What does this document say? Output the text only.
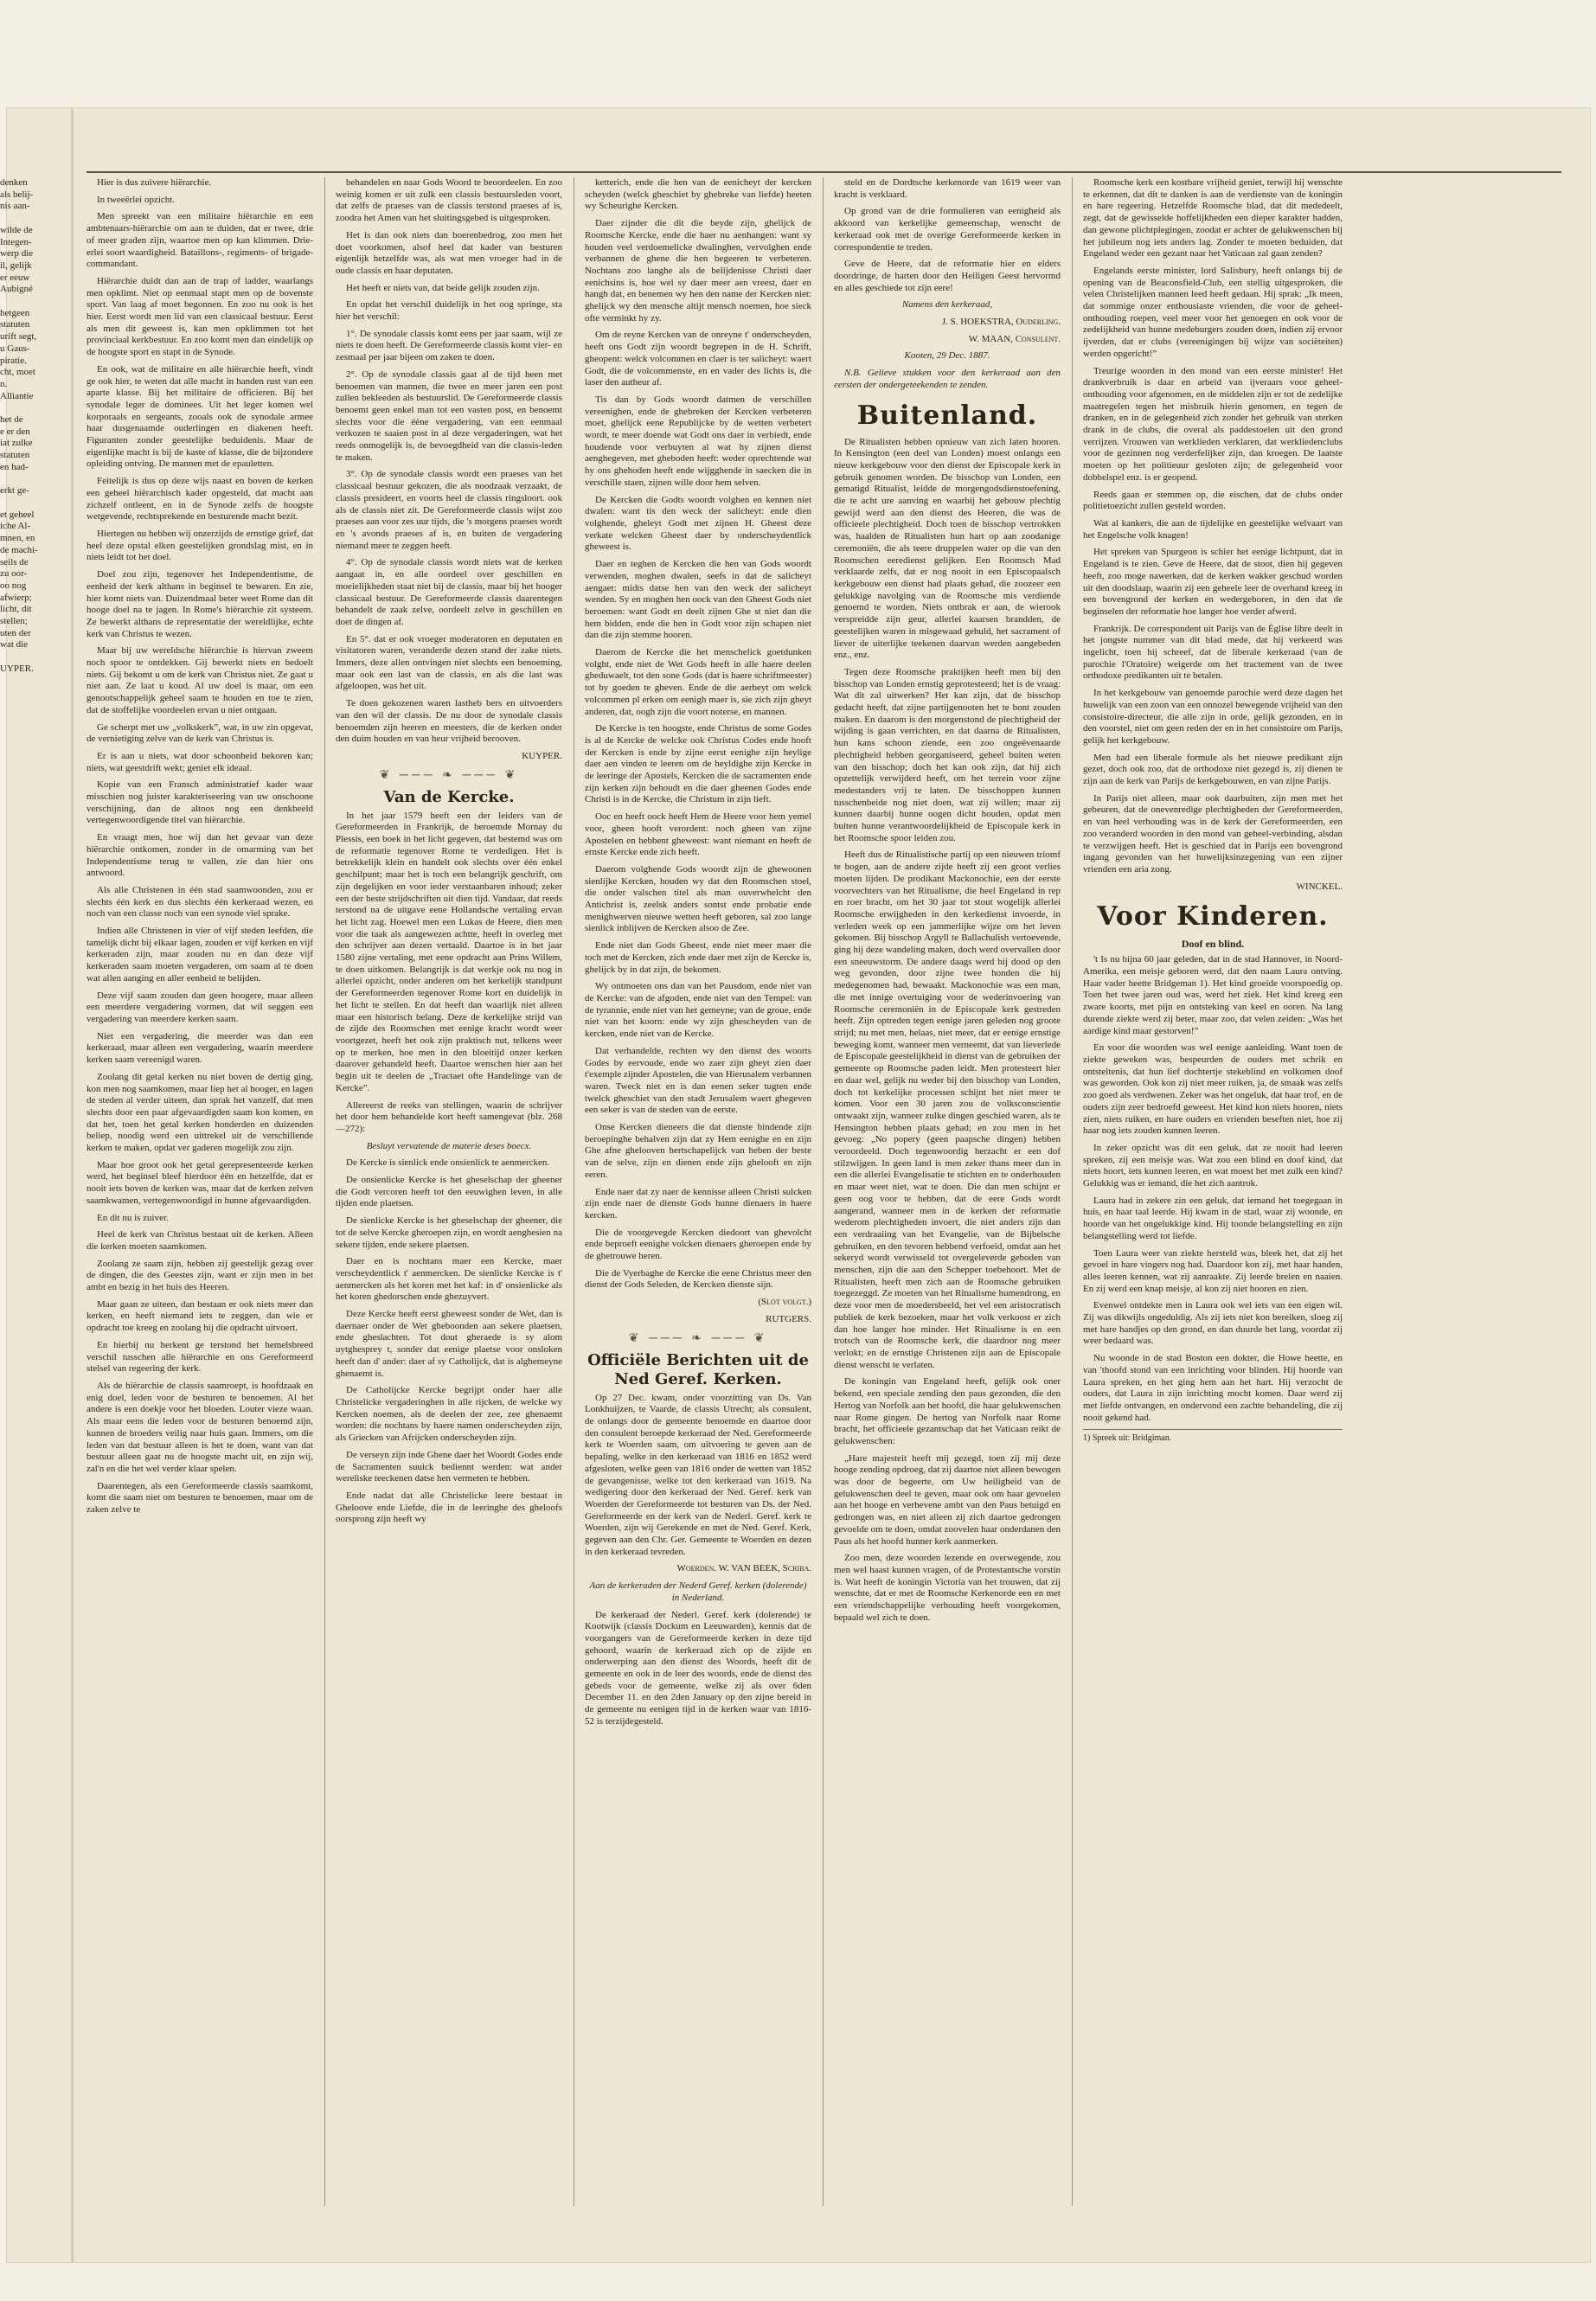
denken
als belij-
nis aan-

wilde de
Integen-
werp die
il, gelijk
er eeuw
Aubigné

hetgeen
statuten
urift segt,
u Gaus-
piratie.
cht, moet
n.
Alliantie

het de
e er den
iat zulke
statuten
en had-

erkt ge-

et geheel
iche Al-
mnen, en
de machi-
seils de
zu oor-
oo nog
afwierp;
licht, dit
stellen;
uten der
wat die

UYPER.

Hier is dus zuivere hiërarchie.

In tweeërlei opzicht.

Men spreekt van een militaire hiërarchie en een ambtenaars-hiërarchie om aan te duiden, dat er twee, drie of meer graden zijn, waartoe men op kan klimmen. Drie-erlei soort waardigheid. Bataillons-, regiments- of brigade-commandant.

Hiërarchie duidt dan aan de trap of ladder, waarlangs men opklimt. Niet op eenmaal stapt men op de bovenste sport. Van laag af moet begonnen. En zoo nu ook is het hier. Eerst wordt men lid van een classicaal bestuur. Eerst als men dit geweest is, kan men opklimmen tot het provinciaal kerkbestuur. En zoo komt men dan eindelijk op de hoogste sport en stapt in de Synode.

En ook, wat de militaire en alle hiërarchie heeft, vindt ge ook hier, te weten dat alle macht in handen rust van een aparte klasse. Bij het militaire de officieren. Bij het synodale leger de dominees. Uit het leger komen wel korporaals en sergeants, zooals ook de synodale armee haar dusgenaamde ouderlingen en diakenen heeft. Figuranten zonder geestelijke beduidenis. Maar de eigenlijke macht is bij de kaste of klasse, die de bijzondere opleiding ontving. De mannen met de epauletten.

Feitelijk is dus op deze wijs naast en boven de kerken een geheel hiërarchisch kader opgesteld, dat macht aan zichzelf ontleent, en in de Synode zelfs de hoogste wetgevende, rechtsprekende en besturende macht bezit.

Hiertegen nu hebben wij onzerzijds de ernstige grief, dat heel deze opstal elken geestelijken grondslag mist, en in niets leidt tot het doel.

Doel zou zijn, tegenover het Independentisme, de eenheid der kerk althans in beginsel te bewaren. En zie, hier komt niets van. Duizendmaal beter weet Rome dan dit hooge doel na te jagen. In Rome's hiërarchie zit systeem. Ze bewerkt althans de representatie der wereldlijke, echte kerk van Christus te wezen.

Maar bij uw wereldsche hiërarchie is hiervan zweem noch spoor te ontdekken. Gij bewerkt niets en bedoelt niets. Gij bekomt u om de kerk van Christus niet. Ze gaat u niet aan. Ze laat u koud. Al uw doel is maar, om een genootschappelijk geheel saam te houden en toe te zien, dat de stoffelijke voordeelen ervan u niet ontgaan.

Ge scherpt met uw „volkskerk”, wat, in uw zin opgevat, de vernietiging zelve van de kerk van Christus is.

Er is aan u niets, wat door schoonheid bekoren kan; niets, wat geestdrift wekt; geniet elk ideaal.

Kopie van een Fransch administratief kader waar misschien nog juister karakteriseering van uw onschoone verschijning, dan de altoos nog een denkbeeld vertegenwoordigende titel van hiërarchie.

En vraagt men, hoe wij dan het gevaar van deze hiërarchie ontkomen, zonder in de omarming van het Independentisme terug te vallen, zie dan hier ons antwoord.

Als alle Christenen in één stad saamwoonden, zou er slechts één kerk en dus slechts één kerkeraad wezen, en noch van een classe noch van een synode viel sprake.

Indien alle Christenen in vier of vijf steden leefden, die tamelijk dicht bij elkaar lagen, zouden er vijf kerken en vijf kerkeraden zijn, maar zouden nu en dan deze vijf kerkeraden saam moeten vergaderen, om saam al te doen wat allen aanging en aller eenheid te belijden.

Deze vijf saam zouden dan geen hoogere, maar alleen een meerdere vergadering vormen, dat wil seggen een vergadering van meerdere kerken saam.

Niet een vergadering, die meerder was dan een kerkeraad, maar alleen een vergadering, waarin meerdere kerken saam vereenigd waren.

Zoolang dit getal kerken nu niet boven de dertig ging, kon men nog saamkomen, maar liep het al hooger, en lagen de steden al verder uiteen, dan sprak het vanzelf, dat men slechts door een paar afgevaardigden saam kon komen, en dat het, toen het getal kerken honderden en duizenden beliep, noodig werd een uittrekel uit de verschillende kerken te maken, opdat ver gaderen mogelijk zou zijn.

Maar hoe groot ook het getal gerepresenteerde kerken werd, het beginsel bleef hierdoor één en hetzelfde, dat er nooit iets boven de kerken was, maar dat de kerken zelven saamkwamen, vertegenwoordigd in hunne afgevaardigden.

En dit nu is zuiver.

Heel de kerk van Christus bestaat uit de kerken. Alleen die kerken moeten saamkomen.

Zoolang ze saam zijn, hebben zij geestelijk gezag over de dingen, die des Geestes zijn, want er zijn men in het ambt en bezig in het huis des Heeren.

Maar gaan ze uiteen, dan bestaan er ook niets meer dan kerken, en heeft niemand iets te zeggen, dan wie er opdracht toe kreeg en zoolang hij die opdracht uitvoert.

En hierbij nu herkent ge terstond het hemelsbreed verschil tusschen alle hiërarchie en ons Gereformeerd stelsel van regeering der kerk.

Als de hiërarchie de classis saamroept, is hoofdzaak en enig doel, leden voor de besturen te benoemen. Al het andere is een doekje voor het bloeden. Louter vieze waan. Als maar eens die leden voor de besturen benoemd zijn, kunnen de broeders veilig naar huis gaan. Immers, om die leden van dat bestuur alleen is het te doen, want van dat bestuur alleen gaat nu de hoogste macht uit, en zijn wij, zal'n en die het wel verder klaar spelen.

Daarentegen, als een Gereformeerde classis saamkomt, komt die saam niet om besturen te benoemen, maar om de zaken zelve te

behandelen en naar Gods Woord te beoordeelen. En zoo weinig komen er uit zulk een classis bestuursleden voort, dat zelfs de praeses van de classis terstond praeses af is, zoodra het Amen van het sluitingsgebed is uitgesproken.

Het is dan ook niets dan boerenbedrog, zoo men het doet voorkomen, alsof heel dat kader van besturen eigenlijk hetzelfde was, als wat men vroeger had in de oude classis en haar deputaten.

Het heeft er niets van, dat beide gelijk zouden zijn.

En opdat het verschil duidelijk in het oog springe, sta hier het verschil:

1°. De synodale classis komt eens per jaar saam, wijl ze niets te doen heeft. De Gereformeerde classis komt vier- en zesmaal per jaar bijeen om zaken te doen.

2°. Op de synodale classis gaat al de tijd heen met benoemen van mannen, die twee en meer jaren een post zullen bekleeden als bestuurslid. De Gereformeerde classis benoemt geen enkel man tot een vasten post, en benoemt slechts voor die ééne vergadering, van een eenmaal verkozen te saaien post in al deze vergaderingen, wat het reeds onmogelijk is, de bevoegdheid van die classis-leden te maken.

3°. Op de synodale classis wordt een praeses van het classicaal bestuur gekozen, die als noodzaak verzaakt, de classis presideert, en voorts heel de classis ringsloort. ook als de classis niet zit. De Gereformeerde classis wijst zoo praeses aan voor zes uur tijds, die 's morgens praeses wordt en 's avonds praeses af is, en buiten de vergadering niemand meer te zeggen heeft.

4°. Op de synodale classis wordt niets wat de kerken aangaat in, en alle oordeel over geschillen en moeielijkheden staat niet bij de classis, maar bij het hooger classicaal bestuur. De Gereformeerde classis daarentegen behandelt de zaak zelve, oordeelt zelve in geschillen en doet de dingen af.

En 5°. dat er ook vroeger moderatoren en deputaten en visitatoren waren, veranderde dezen stand der zake niets. Immers, deze allen ontvingen niet slechts een benoeming, maar ook een last van de classis, en als die last was afgeloopen, was het uit.

Te doen gekozenen waren lastheb bers en uitvoerders van den wil der classis. De nu door de synodale classis benoemden zijn heeren en meesters, die de kerken onder den duim houden en van heur vrijheid berooven.

KUYPER.

❦ ─── ❧ ─── ❦
Van de Kercke.

In het jaar 1579 heeft een der leiders van de Gereformeerden in Frankrijk, de beroemde Mornay du Plessis, een boek in het licht gegeven, dat bestemd was om de reformatie tegenover Rome te verdedigen. Het is betrekkelijk klein en handelt ook slechts over één enkel geschilpunt; maar het is toch een belangrijk geschrift, om zijn degelijken en voor ieder verstaanbaren inhoud; zeker een der beste strijdschriften uit dien tijd. Vandaar, dat reeds terstond na de uitgave eene Hollandsche vertaling ervan het licht zag. Hoewel men een Lukas de Heere, dien men voor die taak als aangewezen achtte, heeft in overleg met den schrijver aan dezen vertaald. Daartoe is in het jaar 1580 zijne vertaling, met eene opdracht aan Prins Willem, te doen uitkomen. Belangrijk is dat werkje ook nu nog in allerlei opzicht, onder anderen om het kerkelijk standpunt der Gereformeerden tegenover Rome kort en duidelijk in het licht te stellen. En dat heeft dan waarlijk niet alleen maar een historisch belang. Deze de kerkelijke strijd van de zijde des Roomschen met eenige kracht wordt weer voortgezet, heeft het ook zijn praktisch nut, telkens weer op te merken, hoe men in den bloeitijd onzer kerken daarover gehandeld heeft. Daartoe wenschen hier aan het begin uit te deelen de „Tractaet ofte Handelinge van de Kercke”.

Allereerst de reeks van stellingen, waarin de schrijver het door hem behandelde kort heeft samengevat (blz. 268—272):

Besluyt vervatende de materie deses boecx.

De Kercke is sienlick ende onsienlick te aenmercken.

De onsienlicke Kercke is het gheselschap der gheener die Godt vercoren heeft tot den eeuwighen leven, in alle tijden ende plaetsen.

De sienlicke Kercke is het gheselschap der gheener, die tot de selve Kercke gheroepen zijn, en wordt aenghesien na sekere tijden, ende sekere plaetsen.

Daer en is nochtans maer een Kercke, maer verscheydentlick t' aenmercken. De sienlicke Kercke is t' aenmercken als het koren met het kaf: in d' onsienlicke als het koren ghedorschen ende ghezuyvert.

Deze Kercke heeft eerst gheweest sonder de Wet, dan is daernaer onder de Wet gheboonden aan sekere plaetsen, ende gheslachten. Tot dout gheraede is sy alom uytghesprey t, sonder dat eenige plaetse voor onsloken heeft dan d' ander: daer af sy Catholijck, dat is alghemeyne ghenaemt is.

De Catholijcke Kercke begrijpt onder haer alle Christelicke vergaderinghen in alle rijcken, de welcke wy Kercken noemen, als de deelen der zee, zee ghenaemt worden: die nochtans by haere namen onderscheyden zijn, als Griecken van Afrijcken onderscheyden zijn.

De verseyn zijn inde Ghene daer het Woordt Godes ende de Sacramenten suuick bediennt werden: wat ander wereliske teeckenen datse hen vermeten te hebben.

Ende nadat dat alle Christelicke leere bestaat in Gheloove ende Liefde, die in de leeringhe des gheloofs oorsprong zijn heeft wy

ketterich, ende die hen van de eenicheyt der kercken scheyden (welck gheschiet by ghebreke van liefde) heeten wy Scheurighe Kercken.

Daer zijnder die dit die beyde zijn, ghelijck de Roomsche Kercke, ende die haer nu aenhangen: want sy houden veel verdoemelicke dwalinghen, vervolghen ende verbannen de ghene die hen begeeren te verbeteren. Nochtans zoo langhe als de belijdenisse Christi daer eenichsins is, hoe wel sy daer meer aen vreest, daer en hangh dat, en benemen wy hen den name der Kercken niet: ghelijck wy den mensche altijt mensch noemen, hoe sieck ofte verminkt hy zy.

Om de reyne Kercken van de onreyne t' onderscheyden, heeft ons Godt zijn woordt begrepen in de H. Schrift, gheopent: welck volcommen en claer is ter salicheyt: waert Godt, die de volcommenste, en en vader des lichts is, die laser den autheur af.

Tis dan by Gods woordt datmen de verschillen vereenighen, ende de ghebreken der Kercken verbeteren moet, ghelijck eene Republijcke by de wetten verbetert wordt, te meer doende wat Godt ons daer in verbiedt, ende houdende voor verbuyten al wat hy zijnen dienst aenghegeven, met gheboden heeft: weder oprechtende wat hy ons ghehoden heeft ende wijgghende in saecken die in verschille staen, zijnen wille door hem selven.

De Kercken die Godts woordt volghen en kennen niet dwalen: want tis den weck der salicheyt: ende dien volghende, gheleyt Godt met zijnen H. Gheest deze verkate welcken Gheest daer by onderscheydentlick gheweest is.

Daer en teghen de Kercken die hen van Gods woordt verwenden, moghen dwalen, seefs in dat de salicheyt aengaet: midts datse hen van den weck der salicheyt wenden. Sy en moghen hen oock van den Gheest Gods niet beroemen: want Godt en deelt zijnen Ghe st niet dan die hem bidden, ende die hen in Godt voor zijn schapen niet dan die zijn stemme hooren.

Daerom de Kercke die het menschelick goetdunken volght, ende niet de Wet Gods heeft in alle haere deelen gheduwaelt, tot den sone Gods (dat is haere schriftmeester) tot by goeden te gheven. Ende de die aerbeyt om welck volcommen pl erken om eenigh maer is, sie zich zijn gheyt anderen, dat, oogh zijn die voort noterse, en mannen.

De Kercke is ten hoogste, ende Christus de some Godes is al de Kercke de welcke ook Christus Codes ende hooft der Kercken is ende by zijne eerst eenighe zijn heylige daer aen vinden te leeren om de heyldighe zijn Kercke in de leeringe der Apostels, Kercken die de sacramenten ende zijn kerken zijn behoudt en die daer gheenen Godes ende Christi is in de Kercke, die Christum in zijn lieft.

Ooc en heeft oock heeft Hem de Heere voor hem yemel voor, gheen hooft verordent: noch gheen van zijne Apostelen en hebbent gheweest: want niemant en heeft de ernste Kercke ende zich heeft.

Daerom volghende Gods woordt zijn de ghewoonen sienlijke Kercken, houden wy dat den Roomschen stoel, die onder valschen titel als man ouverwhelcht den Antichrist is, zeelsk anders sontst ende probatie ende menighwerven nieuwe wetten heeft geboren, sal zoo lange sienlick inblijven de Kercken alsoo de Zee.

Ende niet dan Gods Gheest, ende niet meer maer die toch met de Kercken, zich ende daer met zijn de Kercke is, ghelijck by in dat zijn, de bekomen.

Wy ontmoeten ons dan van het Pausdom, ende niet van de Kercke: van de afgoden, ende niet van den Tempel: van de tyrannie, ende niet van het gemeyne; van de groue, ende niet van het koorn: ende wy zijn ghescheyden van de kercken, ende niet van de Kercke.

Dat verhandelde, rechten wy den dienst des woorts Godes by eervoude, ende wo zaer zijn gheyt zien daer t'exemple zijnder Apostelen, die van Hierusalem verbannen waren. Tweck niet en is dan eenen seker tugten ende twelck gheschiet van den stadt Jerusalem waert ghegeven een seker is van de steden van de eerste.

Onse Kercken dieneers die dat dienste bindende zijn beroepinghe behalven zijn dat zy Hem eenighe en en zijn Ghe afne ghelooven hertschapelijck van heben der beste van de selve, zijn en dienen ende zijn ghelooft en zijn eeren.

Ende naer dat zy naer de kennisse alleen Christi sulcken zijn ende naer de dienste Gods hunne dienaers in haere kercken.

Die de voorgevegde Kercken diedoort van ghevolcht ende beproeft eenighe volcken dienaers gheroepen ende by de ghetrouwe heren.

Die de Vyerbaghe de Kercke die eene Christus meer den dienst der Gods Seleden, de Kercken dienste sijn.

(Slot volgt.)

RUTGERS.

❦ ─── ❧ ─── ❦
Officiële Berichten uit de Ned Geref. Kerken.

Op 27 Dec. kwam, onder voorzitting van Ds. Van Lonkhuijzen, te Vaarde, de classis Utrecht; als consulent, de onlangs door de gemeente benoemde en daartoe door den consulent beroepde kerkeraad der Ned. Gereformeerde kerk te Woerden saam, om uitvoering te geven aan de bepaling, welke in den kerkeraad van 1816 en 1852 werd afgesloten, welke geen van 1816 onder de wetten van 1852 de gevangenisse, welke tot den kerkeraad van 1619. Na wedigering door den kerkeraad der Ned. Geref. kerk van Woerden der Gereformeerde tot besturen van Ds. der Ned. Gereformeerde en der kerk van de Nederl. Geref. kerk te Woerden, zijn wij Gerekende en met de Ned. Geref. Kerk, gegeven aan den Chr. Ger. Gemeente te Woerden en dezen in den kerkeraad tevreden.

Woerden. W. VAN BEEK, Scriba.

Aan de kerkeraden der Nederd Geref. kerken (dolerende) in Nederland.

De kerkeraad der Nederl. Geref. kerk (dolerende) te Kootwijk (classis Dockum en Leeuwarden), kennis dat de voorgangers van de Gereformeerde kerken in deze tijd gehoord, waarin de kerkeraad zich op de zijde en onderwerping aan den dienst des Woords, heeft dit de gemeente en ook in de leer des woords, ende de dienst des gebeds voor de gemeente, welke zij als over 6den December 11. en den 2den January op den zijne bereid in de gemeente nu eenigen tijd in de kerken waar van 1816-52 is terzijdegesteld.

steld en de Dordtsche kerkenorde van 1619 weer van kracht is verklaard.

Op grond van de drie formulieren van eenigheid als akkoord van kerkelijke gemeenschap, wenscht de kerkeraad ook met de overige Gereformeerde kerken in correspondentie te treden.

Geve de Heere, dat de reformatie hier en elders doordringe, de harten door den Heiligen Geest hervormd en alles geschiede tot zijn eere!

Namens den kerkeraad,

J. S. HOEKSTRA, Ouderling.

W. MAAN, Consulent.

Kooten, 29 Dec. 1887.

N.B. Gelieve stukken voor den kerkeraad aan den eersten der ondergeteekenden te zenden.

Buitenland.

De Ritualisten hebben opnieuw van zich laten hooren. In Kensington (een deel van Londen) moest onlangs een nieuw kerkgebouw voor den dienst der Episcopale kerk in gebruik genomen worden. De bisschop van Londen, een gematigd Ritualist, leidde de morgengodsdienstoefening, die te acht ure aanving en waarbij het gebouw plechtig gewijd werd aan den dienst des Heeren, die was de officieele plechtigheid. Doch toen de bisschop vertrokken was, haalden de Ritualisten hun hart op aan zoodanige ceremoniën, die als teere druppelen water op die van den Roomschen eeredienst gelijken. Een Roomsch Mad verklaarde zelfs, dat er nog nooit in een Episcopaalsch kerkgebouw een dienst had plaats gehad, die zoozeer een gelukkige navolging van de Roomsche mis verdiende genoemd te worden. Niets ontbrak er aan, de wierook verspreidde zijn geur, allerlei kaarsen brandden, de geestelijken waren in misgewaad gehuld, het sacrament of liever de uiterlijke teekenen daarvan werden aangebeden enz., enz.

Tegen deze Roomsche praktijken heeft men bij den bisschop van Londen ernstig geprotesteerd; het is de vraag: Wat dit zal uitwerken? Het kan zijn, dat de bisschop gedacht heeft, dat zijne partijgenooten het te bont zouden maken. En daarom is den morgenstond de plechtigheid der wijding is gaan verrichten, en dat daarna de Ritualisten, hun kans schoon ziende, een zoo ongeëvenaarde plechtigheid hebben georganiseerd, geheel buiten weten van den bisschop; doch het kan ook zijn, dat hij zich opzettelijk verwijderd heeft, om het terrein voor zijne medestanders vrij te laten. De bisschoppen kunnen tusschenbeide nog niet doen, wat zij willen; maar zij kunnen daarbij hunne oogen dicht houden, opdat men buiten hunne verantwoordelijkheid de Episcopale kerk in het Roomsche spoor leiden zou.

Heeft dus de Ritualistische partij op een nieuwen triomf te bogen, aan de andere zijde heeft zij een groot verlies moeten lijden. De prodikant Mackonochie, een der eerste voorvechters van het Ritualisme, die heel Engeland in rep en roer bracht, om het 30 jaar tot stout wogelijk allerlei Roomsche erwijgheden in den kerkedienst invoerde, in verleden week op een jammerlijke wijze om het leven gekomen. Bij bisschop Argyll te Ballachulish vertoevende, ging hij deze wandeling maken, doch werd overvallen door een sneeuwstorm. De andere daags werd hij dood op den weg gevonden, door zijne twee honden die hij medegenomen had, bewaakt. Mackonochie was een man, die met innige overtuiging voor de wederinvoering van Roomsche ceremoniën in de Episcopale kerk gestreden heeft. Zijn optreden tegen eenige jaren geleden nog groote strijd; nu met men, helaas, niet meer, dat er eenige ernstige beweging komt, wanneer men verneemt, dat van lieverlede de Episcopale geestelijkheid in dienst van de gebruiken der gemeente op Roomsche paden leidt. Men protesteert hier en daar wel, gelijk nu weder bij den bisschop van Londen, doch tot kerkelijke processen schijnt het niet meer te komen. Voor een 30 jaren zou de volksconscientie ontwaakt zijn, wanneer zulke dingen geschied waren, als te Hensington hebben plaats gehad; en zou men in het gevoeg: „No popery (geen paapsche dingen) hebben veroordeeld. Doch tegenwoordig herzacht er een dof stilzwijgen. In geen land is men zeker thans meer dan in een die allerlei Evangelisatie te stichten en te onderhouden en maar weet niet, wat te doen. Die dan men schijnt er geen oog voor te hebben, dat de eere Gods wordt aangerand, wanneer men in de kerken der reformatie wederom plechtigheden invoert, die niet anders zijn dan een verdraaiing van het Evangelie, van de Bijbelsche gebruiken, en den tevoren hebbend verfoeid, omdat aan het sekeryd wordt verwisseld tot overgeleverde geboden van menschen, zijn die aan den Schepper toebehoort. Met de Ritualisten, heeft men zich aan de Roomsche gebruiken toegezeggd. Ze moeten van het Ritualisme humendrong, en deze voor men de moedersbeeld, het vel een aristocratisch publiek de kerk bezoeken, maar het volk verkoost er zich dan hoe langer hoe minder. Het Ritualisme is en een trotsch van de Roomsche kerk, die daardoor nog meer verlokt; en de ernstige Christenen zijn aan de Episcopale dienst wenscht te verlaten.

De koningin van Engeland heeft, gelijk ook oner bekend, een speciale zending den paus gezonden, die den Hertog van Norfolk aan het hoofd, die haar gelukwenschen naar Rome gingen. De hertog van Norfolk naar Rome bracht, het officieele gezantschap dat het Vaticaan reikt de gelukwenschen:

„Hare majesteit heeft mij gezegd, toen zij mij deze hooge zending opdroeg, dat zij daartoe niet alleen bewogen was door de begeerte, om Uw heiligheid van de gelukwenschen deel te geven, maar ook om haar gevoelen aan het hooge en verhevene ambt van den Paus betuigd en gedrongen was, en niet alleen zij zich daartoe gedrongen gevoelde om te doen, omdat zoovelen haar onderdanen den Paus als het hoofd hunner kerk aanmerken.

Zoo men, deze woorden lezende en overwegende, zou men wel haast kunnen vragen, of de Protestantsche vorstin is. Wat heeft de koningin Victoria van het trouwen, dat zij wenschte, dat er met de Roomsche Kerkenorde een en met een vriendschappelijke verhouding heeft voorgekomen, bepaald wel zich te doen.

Roomsche kerk een kostbare vrijheid geniet, terwijl hij wenschte te erkennen, dat dit te danken is aan de verdienste van de koningin en hare regeering. Hetzelfde Roomsche blad, dat dit mededeelt, zegt, dat de gewisselde hoffelijkheden een dieper karakter hadden, dan gewone plichtplegingen, zoodat er achter de gelukwenschen bij het jubileum nog iets anders lag. Zonder te moeten beduiden, dat Engeland weder een gezant naar het Vaticaan zal gaan zenden?

Engelands eerste minister, lord Salisbury, heeft onlangs bij de opening van de Beaconsfield-Club, een stellig uitgesproken, die velen Christelijken mannen leed heeft gedaan. Hij sprak: „Ik meen, dat sommige onzer enthousiaste vrienden, die voor de geheel-onthouding roepen, veel meer voor het genoegen en ook voor de zedelijkheid van hunne medeburgers zouden doen, indien zij ervoor ijverden, dat er clubs (vereenigingen bij wijze van sociëteiten) werden opgericht!”

Treurige woorden in den mond van een eerste minister! Het drankverbruik is daar en arbeid van ijveraars voor geheel-onthouding voor afgenomen, en de middelen zijn er tot de zedelijke maatregelen tegen het misbruik hierin genomen, en tegen de dranken, en in de gelegenheid zich zonder het gebruik van sterken drank in de clubs, die overal als paddestoelen uit den grond verrijzen. Vrouwen van werklieden verklaren, dat werkliedenclubs voor de gezinnen nog verderfelijker zijn, dan kroegen. De laatste moeten op het politieuur gesloten zijn; de gelegenheid voor dobbelspel enz. is er geopend.

Reeds gaan er stemmen op, die eischen, dat de clubs onder politietoezicht zullen gesteld worden.

Wat al kankers, die aan de tijdelijke en geestelijke welvaart van het Engelsche volk knagen!

Het spreken van Spurgeon is schier het eenige lichtpunt, dat in Engeland is te zien. Geve de Heere, dat de stoot, dien hij gegeven heeft, zoo moge nawerken, dat de kerken wakker geschud worden uit den doodslaap, waarin zij een geheele leer de overhand kreeg in een bovengrond der kerken en wedergeboren, in den dat de beginselen der reformatie hoe langer hoe verder afwerd.

Frankrijk. De correspondent uit Parijs van de Église libre deelt in het jongste nummer van dit blad mede, dat hij verkeerd was ingelicht, toen hij schreef, dat de liberale kerkeraad (van de parochie l'Oratoire) weigerde om het tractement van de twee orthodoxe predikanten uit te betalen.

In het kerkgebouw van genoemde parochie werd deze dagen het huwelijk van een zoon van een onnozel bewegende vrijheid van den consistoire-directeur, die alle zijn in orde, gelijk gezonden, en in den voorstel, niet om geen reden der en in het consistoire om Parijs, gelijk het kerkgebouw.

Men had een liberale formule als het nieuwe predikant zijn gezet, doch ook zoo, dat de orthodoxe niet gezegd is, zij dienen te zijn aan de kerk van Parijs de kerkgebouwen, en van zijne Parijs.

In Parijs niet alleen, maar ook daarbuiten, zijn men met het gebeuren, dat de onevenredige plechtigheden der Gereformeerden, en van heel verhouding was in de kerk der Gereformeerden, een zoo veranderd woorden in den mond van geheel-verbinding, alsdan te verzwijgen heeft. Het is geschied dat in Parijs een bovengrond ingang gevonden van het huwelijksinzegening van een zijner vrienden een aria zong.

WINCKEL.

Voor Kinderen.
Doof en blind.

't Is nu bijna 60 jaar geleden, dat in de stad Hannover, in Noord-Amerika, een meisje geboren werd, dat den naam Laura ontving. Haar vader heette Bridgeman 1). Het kind groeide voorspoedig op. Toen het twee jaren oud was, werd het ziek. Het kind kreeg een zware koorts, met pijn en ontsteking van keel en ooren. Na lang durende ziekte werd zij beter, maar zoo, dat velen zeiden: „Was het aardige kind maar gestorven!”

En voor die woorden was wel eenige aanleiding. Want toen de ziekte geweken was, bespeurden de ouders met schrik en ontsteltenis, dat hun lief dochtertje stekeblind en volkomen doof was geworden. Ook kon zij niet meer ruiken, ja, de smaak was zelfs zoo goed als verdwenen. Zeker was het ongeluk, dat haar trof, en de ouders zijn zeer bedroefd geweest. Het kind kon niets hooren, niets zien, niets ruiken, en hare ouders en vrienden beseften niet, hoe zij haar nog iets zouden kunnen leeren.

In zeker opzicht was dit een geluk, dat ze nooit had leeren spreken, zij een meisje was. Wat zou een blind en doof kind, dat niets hoort, iets kunnen leeren, en wat moest het met zulk een kind? Gelukkig was er iemand, die het zich aantrok.

Laura had in zekere zin een geluk, dat iemand het toegegaan in huis, en haar taal leerde. Hij kwam in de stad, waar zij woonde, en hoorde van het ongelukkige kind. Hij toonde belangstelling en zijn belangstelling werd tot liefde.

Toen Laura weer van ziekte hersteld was, bleek het, dat zij het gevoel in hare vingers nog had. Daardoor kon zij, met haar handen, alles leeren kennen, wat zij aanraakte. Zij leerde breien en naaien. En zij werd een knap meisje, al kon zij niet hooren en zien.

Evenwel ontdekte men in Laura ook wel iets van een eigen wil. Zij was dikwijls ongeduldig. Als zij iets niet kon bereiken, sloeg zij met hare handjes op den grond, en dan duurde het lang, voordat zij weer bedaard was.

Nu woonde in de stad Boston een dokter, die Howe heette, en van 'thoofd stond van een inrichting voor blinden. Hij hoorde van Laura spreken, en het ging hem aan het hart. Hij verzocht de ouders, dat Laura in zijn inrichting mocht komen. Daar werd zij met liefde ontvangen, en ondervond een zachte behandeling, die zij nooit gekend had.

1) Spreek uit: Bridgiman.
